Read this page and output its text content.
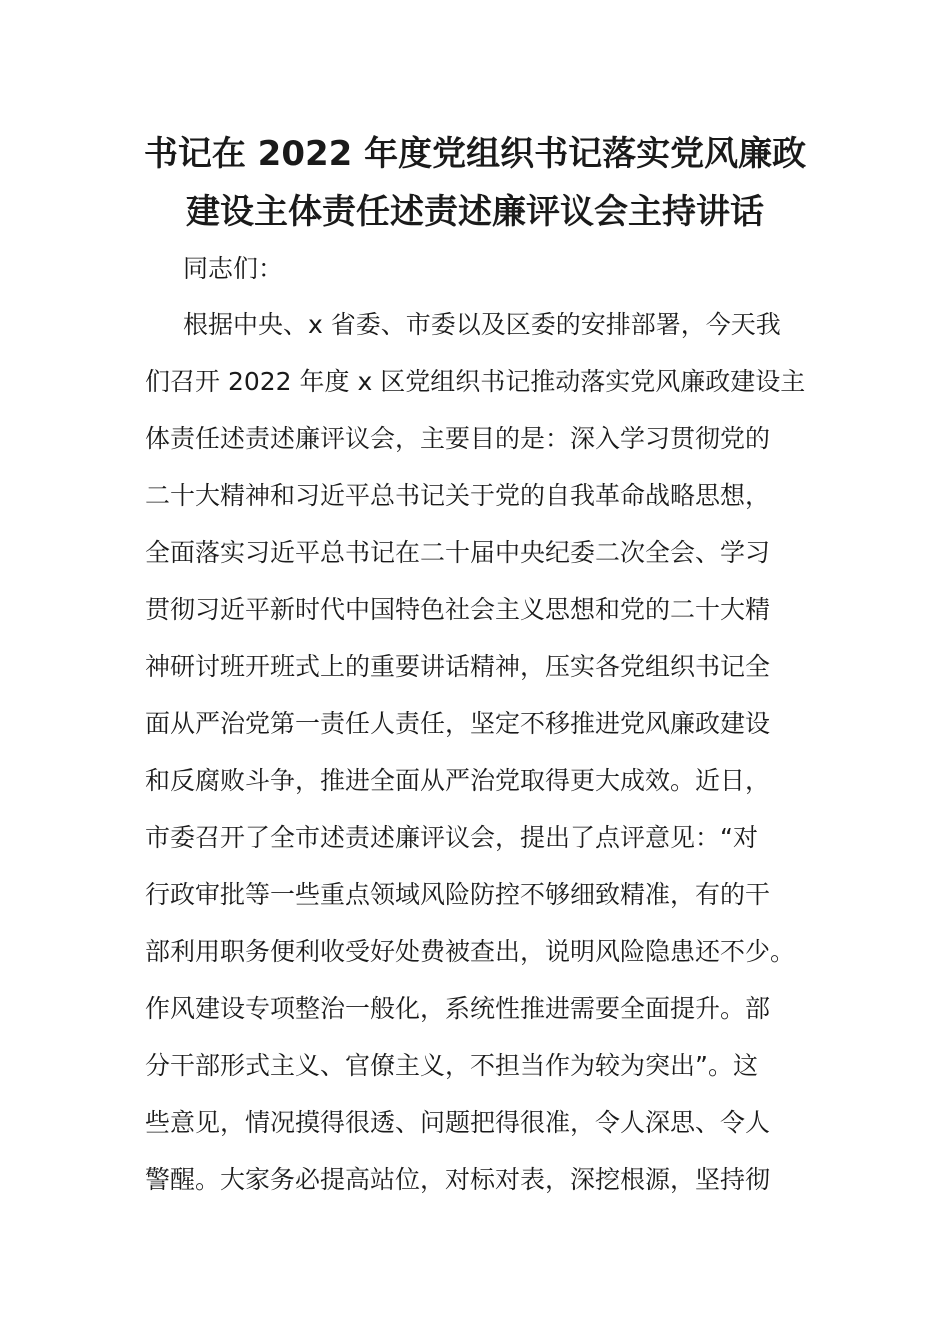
书记在 2022 年度党组织书记落实党风廉政
建设主体责任述责述廉评议会主持讲话
同志们：
根据中央、x 省委、市委以及区委的安排部署，今天我
们召开 2022 年度 x 区党组织书记推动落实党风廉政建设主
体责任述责述廉评议会，主要目的是：深入学习贯彻党的
二十大精神和习近平总书记关于党的自我革命战略思想，
全面落实习近平总书记在二十届中央纪委二次全会、学习
贯彻习近平新时代中国特色社会主义思想和党的二十大精
神研讨班开班式上的重要讲话精神，压实各党组织书记全
面从严治党第一责任人责任，坚定不移推进党风廉政建设
和反腐败斗争，推进全面从严治党取得更大成效。近日，
市委召开了全市述责述廉评议会，提出了点评意见：“对
行政审批等一些重点领域风险防控不够细致精准，有的干
部利用职务便利收受好处费被查出，说明风险隐患还不少。
作风建设专项整治一般化，系统性推进需要全面提升。部
分干部形式主义、官僚主义，不担当作为较为突出”。这
些意见，情况摸得很透、问题把得很准，令人深思、令人
警醒。大家务必提高站位，对标对表，深挖根源，坚持彻
